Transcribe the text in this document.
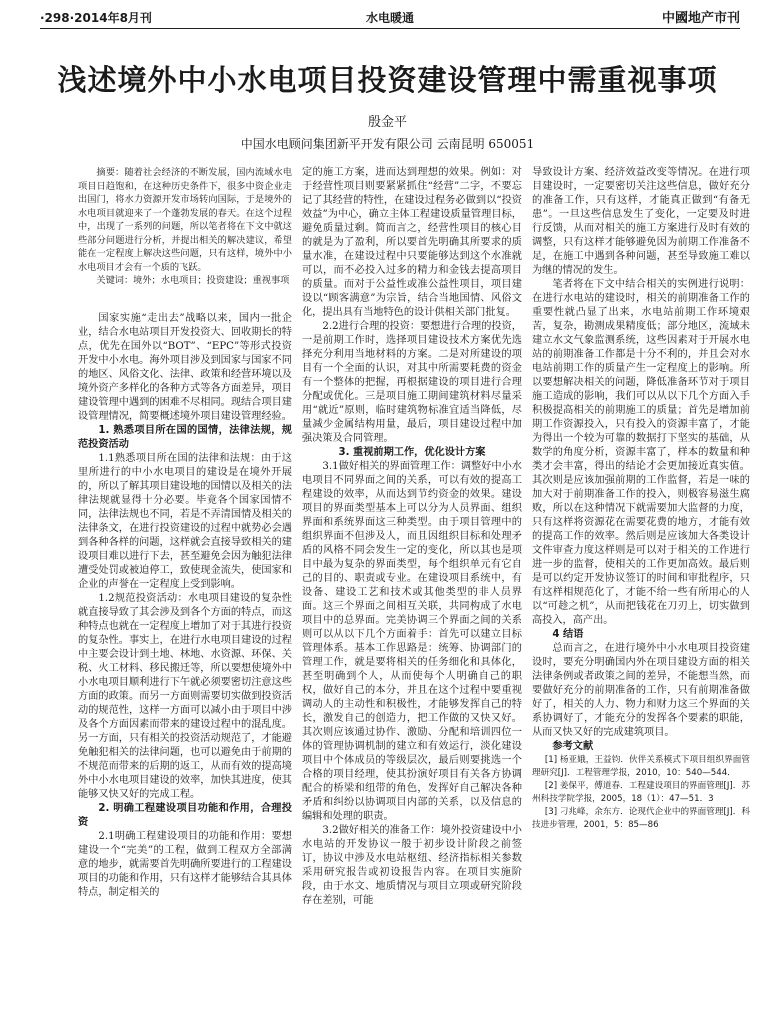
·298·2014年8月刊	水电暖通	中國地产市刊
浅述境外中小水电项目投资建设管理中需重视事项
殷金平
中国水电顾问集团新平开发有限公司 云南昆明 650051

摘要：随着社会经济的不断发展，国内流域水电项目日趋饱和，在这种历史条件下，很多中资企业走出国门，将水力资源开发市场转向国际，于是境外的水电项目就迎来了一个蓬勃发展的春天。在这个过程中，出现了一系列的问题，所以笔者将在下文中就这些部分问题进行分析，并提出相关的解决建议，希望能在一定程度上解决这些问题，只有这样，境外中小水电项目才会有一个质的飞跃。

关键词：境外；水电项目；投资建设；重视事项

国家实施“走出去”战略以来，国内一批企业，结合水电站项目开发投资大、回收期长的特点，优先在国外以“BOT”、“EPC”等形式投资开发中小水电。海外项目涉及到国家与国家不同的地区、风俗文化、法律、政策和经营环境以及境外资产多样化的各种方式等各方面差异，项目建设管理中遇到的困难不尽相同。现结合项目建设管理情况，简要概述境外项目建设管理经验。

1. 熟悉项目所在国的国情，法律法规，规范投资活动

1.1熟悉项目所在国的法律和法规：由于这里所进行的中小水电项目的建设是在境外开展的，所以了解其项目建设地的国情以及相关的法律法规就显得十分必要。毕竟各个国家国情不同，法律法规也不同，若是不弄清国情及相关的法律条文，在进行投资建设的过程中就势必会遇到各种各样的问题，这样就会直接导致相关的建设项目难以进行下去，甚至避免会因为触犯法律遭受处罚或被迫停工，致使现金流失，使国家和企业的声誉在一定程度上受到影响。

1.2规范投资活动：水电项目建设的复杂性就直接导致了其会涉及到各个方面的特点，而这种特点也就在一定程度上增加了对于其进行投资的复杂性。事实上，在进行水电项目建设的过程中主要会设计到土地、林地、水资源、环保、关税、火工材料、移民搬迁等，所以要想使境外中小水电项目顺利进行下午就必须要密切注意这些方面的政策。而另一方面则需要切实做到投资活动的规范性，这样一方面可以减小由于项目中涉及各个方面因素而带来的建设过程中的混乱度。另一方面，只有相关的投资活动规范了，才能避免触犯相关的法律问题，也可以避免由于前期的不规范而带来的后期的返工，从而有效的提高境外中小水电项目建设的效率，加快其进度，使其能够又快又好的完成工程。

2. 明确工程建设项目功能和作用，合理投资

2.1明确工程建设项目的功能和作用：要想建设一个“完美”的工程，做到工程双方全部满意的地步，就需要首先明确所要进行的工程建设项目的功能和作用，只有这样才能够结合其具体特点，制定相关的

定的施工方案，进而达到理想的效果。例如：对于经营性项目则要紧紧抓住“经营”二字，不要忘记了其经营的特性，在建设过程务必做到以“投资效益”为中心，确立主体工程建设质量管理目标，避免质量过剩。简而言之，经营性项目的核心目的就是为了盈利，所以要首先明确其所要求的质量水准，在建设过程中只要能够达到这个水准就可以，而不必投入过多的精力和金钱去提高项目的质量。而对于公益性或准公益性项目，项目建设以“顾客满意”为宗旨，结合当地国情、风俗文化，提出具有当地特色的设计供相关部门批复。

2.2进行合理的投资：要想进行合理的投资，一是前期工作时，选择项目建设技术方案优先选择充分利用当地材料的方案。二是对所建设的项目有一个全面的认识，对其中所需要耗费的资金有一个整体的把握，再根据建设的项目进行合理分配或优化。三是项目施工期间建筑材料尽量采用“就近”原则，临时建筑物标准宜适当降低，尽量减少金属结构用量，最后，项目建设过程中加强决策及合同管理。

3. 重视前期工作，优化设计方案

3.1做好相关的界面管理工作：调整好中小水电项目不同界面之间的关系，可以有效的提高工程建设的效率，从而达到节约资金的效果。建设项目的界面类型基本上可以分为人员界面、组织界面和系统界面这三种类型。由于项目管理中的组织界面不但涉及人，而且因组织目标和处理矛盾的风格不同会发生一定的变化，所以其也是项目中最为复杂的界面类型，每个组织单元有它自己的目的、职责或专业。在建设项目系统中，有设备、建设工艺和技术或其他类型的非人员界面。这三个界面之间相互关联，共同构成了水电项目中的总界面。完美协调三个界面之间的关系则可以从以下几个方面着手：首先可以建立目标管理体系。基本工作思路是：统筹、协调部门的管理工作，就是要将相关的任务细化和具体化，甚至明确到个人，从而使每个人明确自己的职权，做好自己的本分，并且在这个过程中要重视调动人的主动性和积极性，才能够发挥自己的特长，激发自己的创造力，把工作做的又快又好。其次则应该通过协作、激励、分配和培训四位一体的管理协调机制的建立和有效运行，淡化建设项目中个体成员的等级层次，最后则要挑选一个合格的项目经理，使其扮演好项目有关各方协调配合的桥梁和纽带的角色，发挥好自己解决各种矛盾和纠纷以协调项目内部的关系，以及信息的编辑和处理的职责。

3.2做好相关的准备工作：境外投资建设中小水电站的开发协议一般于初步设计阶段之前签订，协议中涉及水电站枢纽、经济指标相关参数采用研究报告或初设报告内容。在项目实施阶段，由于水文、地质情况与项目立项或研究阶段存在差别，可能

导致设计方案、经济效益改变等情况。在进行项目建设时，一定要密切关注这些信息，做好充分的准备工作，只有这样，才能真正做到“有备无患”。一旦这些信息发生了变化，一定要及时进行反馈，从而对相关的施工方案进行及时有效的调整，只有这样才能够避免因为前期工作准备不足，在施工中遇到各种问题，甚至导致施工难以为继的情况的发生。

笔者将在下文中结合相关的实例进行说明：在进行水电站的建设时，相关的前期准备工作的重要性就凸显了出来，水电站前期工作环境艰苦，复杂，勘测成果精度低；部分地区，流域未建立水文气象监测系统，这些因素对于开展水电站的前期准备工作都是十分不利的，并且会对水电站前期工作的质量产生一定程度上的影响。所以要想解决相关的问题，降低准备环节对于项目施工造成的影响，我们可以从以下几个方面入手积极提高相关的前期施工的质量；首先是增加前期工作资源投入，只有投入的资源丰富了，才能为得出一个较为可靠的数据打下坚实的基础，从数学的角度分析，资源丰富了，样本的数量和种类才会丰富，得出的结论才会更加接近真实值。其次则是应该加强前期的工作监督，若是一味的加大对于前期准备工作的投入，则极容易滋生腐败，所以在这种情况下就需要加大监督的力度，只有这样将资源花在需要花费的地方，才能有效的提高工作的效率。然后则是应该加大各类设计文件审查力度这样则是可以对于相关的工作进行进一步的监督，使相关的工作更加高效。最后则是可以约定开发协议签订的时间和审批程序，只有这样相规范化了，才能不给一些有所用心的人以“可趁之机”，从而把钱花在刀刃上，切实做到高投入，高产出。

4 结语

总而言之，在进行境外中小水电项目投资建设时，要充分明确国内外在项目建设方面的相关法律条例或者政策之间的差异，不能想当然，而要做好充分的前期准备的工作，只有前期准备做好了，相关的人力、物力和财力这三个界面的关系协调好了，才能充分的发挥各个要素的职能，从而又快又好的完成建筑项目。

参考文献

[1] 杨亚娥，王益钧．伙伴关系模式下项目组织界面管理研究[J]．工程管理学报，2010，10：540—544．

[2] 姜保平，傅道春．工程建设项目的界面管理[J]．苏州科技学院学报，2005，18（1）：47—51．3

[3] 刁兆峰，余东方．论现代企业中的界面管理[J]．科技进步管理，2001，5：85—86
